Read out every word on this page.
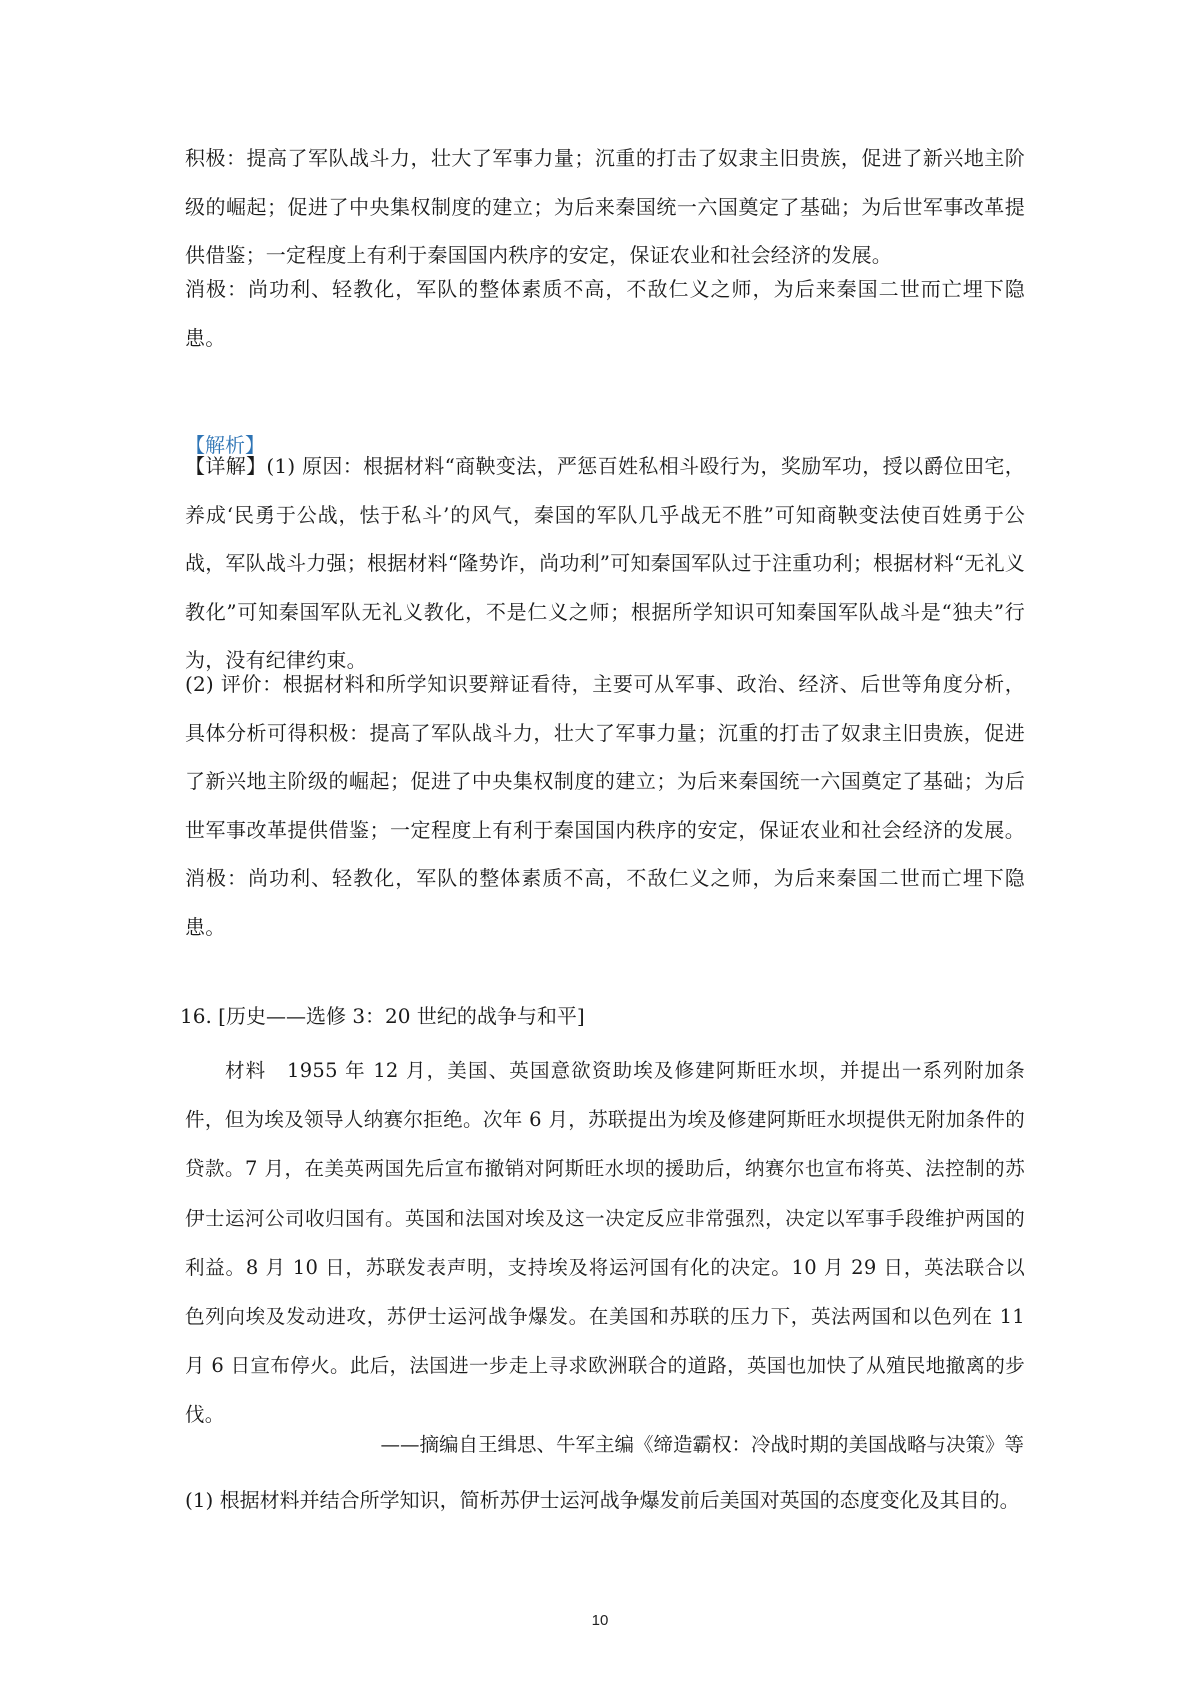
积极：提高了军队战斗力，壮大了军事力量；沉重的打击了奴隶主旧贵族，促进了新兴地主阶级的崛起；促进了中央集权制度的建立；为后来秦国统一六国奠定了基础；为后世军事改革提供借鉴；一定程度上有利于秦国国内秩序的安定，保证农业和社会经济的发展。

消极：尚功利、轻教化，军队的整体素质不高，不敌仁义之师，为后来秦国二世而亡埋下隐患。

【解析】

【详解】(1) 原因：根据材料“商鞅变法，严惩百姓私相斗殴行为，奖励军功，授以爵位田宅，养成‘民勇于公战，怯于私斗’的风气，秦国的军队几乎战无不胜”可知商鞅变法使百姓勇于公战，军队战斗力强；根据材料“隆势诈，尚功利”可知秦国军队过于注重功利；根据材料“无礼义教化”可知秦国军队无礼义教化，不是仁义之师；根据所学知识可知秦国军队战斗是“独夫”行为，没有纪律约束。

(2) 评价：根据材料和所学知识要辩证看待，主要可从军事、政治、经济、后世等角度分析，具体分析可得积极：提高了军队战斗力，壮大了军事力量；沉重的打击了奴隶主旧贵族，促进了新兴地主阶级的崛起；促进了中央集权制度的建立；为后来秦国统一六国奠定了基础；为后世军事改革提供借鉴；一定程度上有利于秦国国内秩序的安定，保证农业和社会经济的发展。消极：尚功利、轻教化，军队的整体素质不高，不敌仁义之师，为后来秦国二世而亡埋下隐患。

16. [历史——选修 3：20 世纪的战争与和平]

材料　1955 年 12 月，美国、英国意欲资助埃及修建阿斯旺水坝，并提出一系列附加条件，但为埃及领导人纳赛尔拒绝。次年 6 月，苏联提出为埃及修建阿斯旺水坝提供无附加条件的贷款。7 月，在美英两国先后宣布撤销对阿斯旺水坝的援助后，纳赛尔也宣布将英、法控制的苏伊士运河公司收归国有。英国和法国对埃及这一决定反应非常强烈，决定以军事手段维护两国的利益。8 月 10 日，苏联发表声明，支持埃及将运河国有化的决定。10 月 29 日，英法联合以色列向埃及发动进攻，苏伊士运河战争爆发。在美国和苏联的压力下，英法两国和以色列在 11 月 6 日宣布停火。此后，法国进一步走上寻求欧洲联合的道路，英国也加快了从殖民地撤离的步伐。

——摘编自王缉思、牛军主编《缔造霸权：冷战时期的美国战略与决策》等

(1) 根据材料并结合所学知识，简析苏伊士运河战争爆发前后美国对英国的态度变化及其目的。

10
